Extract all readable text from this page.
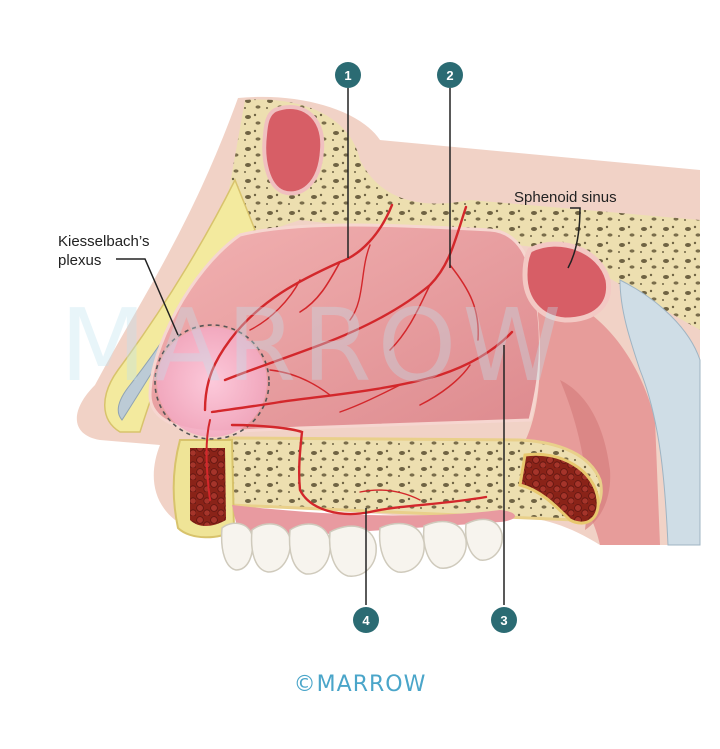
MARROW
1	2
3
4
Kiesselbach’s
plexus
Sphenoid sinus
©MARROW
